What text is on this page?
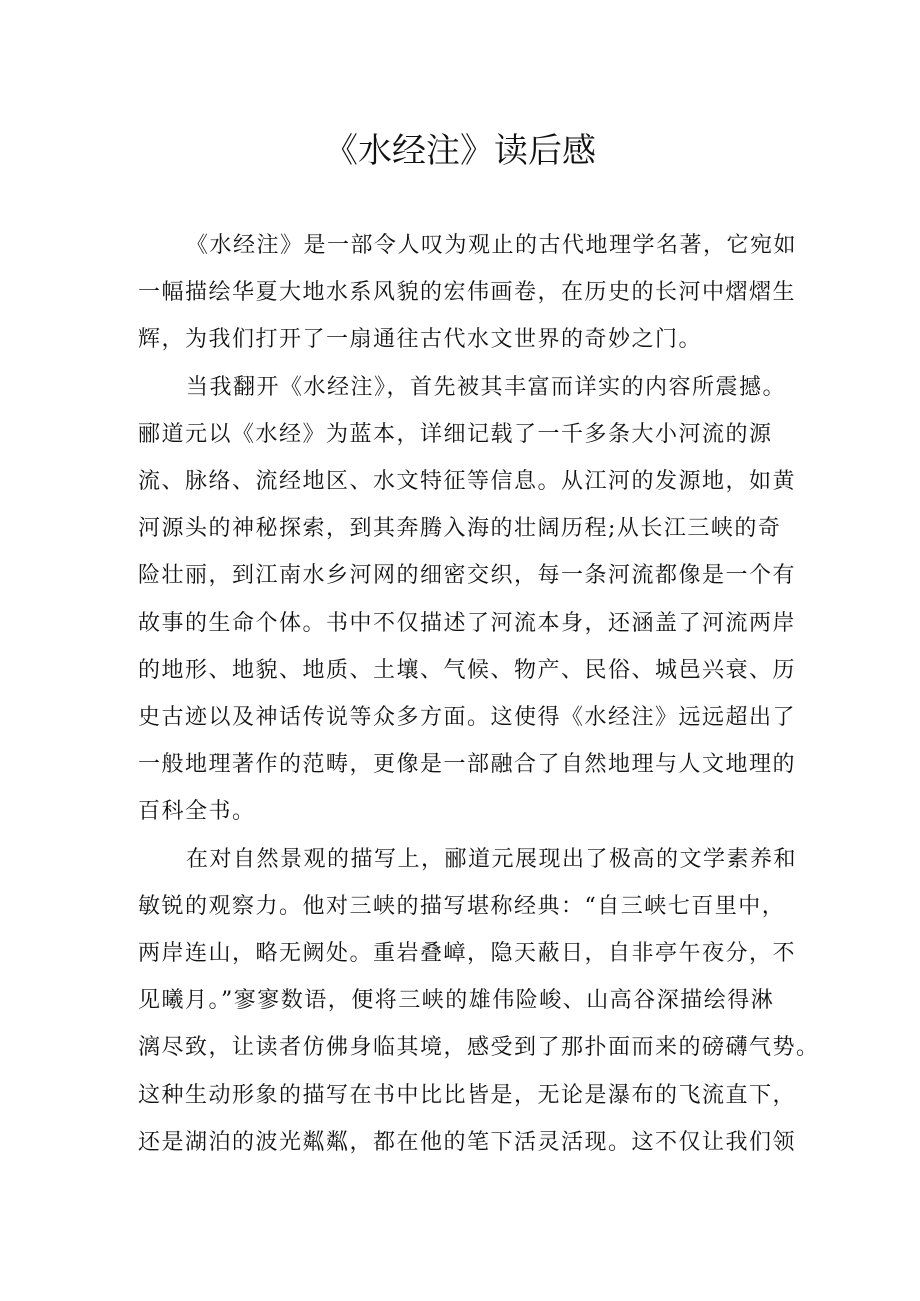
《水经注》读后感
《水经注》是一部令人叹为观止的古代地理学名著，它宛如
一幅描绘华夏大地水系风貌的宏伟画卷，在历史的长河中熠熠生
辉，为我们打开了一扇通往古代水文世界的奇妙之门。
当我翻开《水经注》，首先被其丰富而详实的内容所震撼。
郦道元以《水经》为蓝本，详细记载了一千多条大小河流的源
流、脉络、流经地区、水文特征等信息。从江河的发源地，如黄
河源头的神秘探索，到其奔腾入海的壮阔历程;从长江三峡的奇
险壮丽，到江南水乡河网的细密交织，每一条河流都像是一个有
故事的生命个体。书中不仅描述了河流本身，还涵盖了河流两岸
的地形、地貌、地质、土壤、气候、物产、民俗、城邑兴衰、历
史古迹以及神话传说等众多方面。这使得《水经注》远远超出了
一般地理著作的范畴，更像是一部融合了自然地理与人文地理的
百科全书。
在对自然景观的描写上，郦道元展现出了极高的文学素养和
敏锐的观察力。他对三峡的描写堪称经典：“自三峡七百里中，
两岸连山，略无阙处。重岩叠嶂，隐天蔽日，自非亭午夜分，不
见曦月。”寥寥数语，便将三峡的雄伟险峻、山高谷深描绘得淋
漓尽致，让读者仿佛身临其境，感受到了那扑面而来的磅礴气势。
这种生动形象的描写在书中比比皆是，无论是瀑布的飞流直下，
还是湖泊的波光粼粼，都在他的笔下活灵活现。这不仅让我们领
